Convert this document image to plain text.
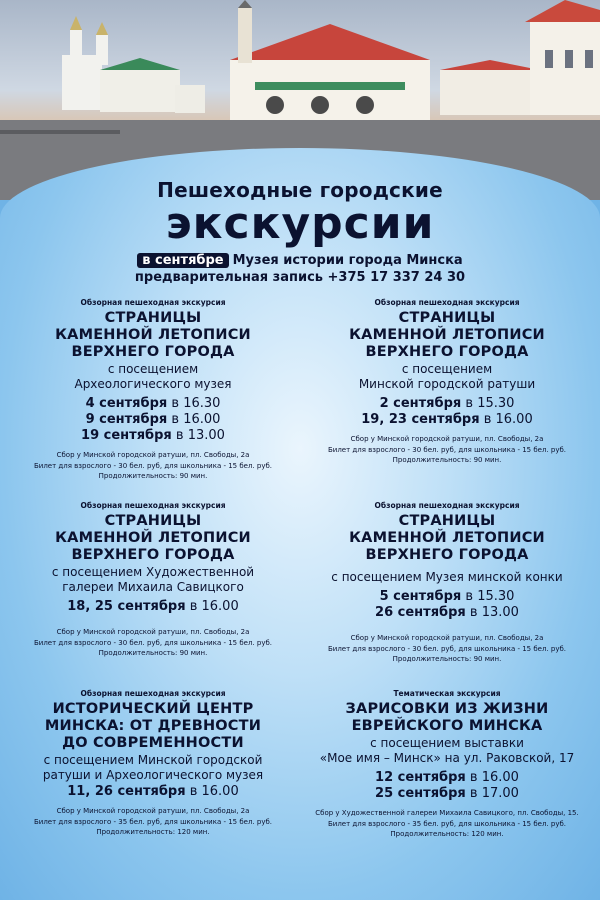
Пешеходные городские
экскурсии
в сентябре Музея истории города Минска
предварительная запись +375 17 337 24 30
Обзорная пешеходная экскурсия
СТРАНИЦЫ
КАМЕННОЙ ЛЕТОПИСИ
ВЕРХНЕГО ГОРОДА
с посещением
Археологического музея
4 сентября в 16.30
9 сентября в 16.00
19 сентября в 13.00
Сбор у Минской городской ратуши, пл. Свободы, 2а
Билет для взрослого - 30 бел. руб, для школьника - 15 бел. руб.
Продолжительность: 90 мин.
Обзорная пешеходная экскурсия
СТРАНИЦЫ
КАМЕННОЙ ЛЕТОПИСИ
ВЕРХНЕГО ГОРОДА
с посещением
Минской городской ратуши
2 сентября в 15.30
19, 23 сентября в 16.00
Сбор у Минской городской ратуши, пл. Свободы, 2а
Билет для взрослого - 30 бел. руб, для школьника - 15 бел. руб.
Продолжительность: 90 мин.
Обзорная пешеходная экскурсия
СТРАНИЦЫ
КАМЕННОЙ ЛЕТОПИСИ
ВЕРХНЕГО ГОРОДА
с посещением Художественной
галереи Михаила Савицкого
18, 25 сентября в 16.00
Сбор у Минской городской ратуши, пл. Свободы, 2а
Билет для взрослого - 30 бел. руб, для школьника - 15 бел. руб.
Продолжительность: 90 мин.
Обзорная пешеходная экскурсия
СТРАНИЦЫ
КАМЕННОЙ ЛЕТОПИСИ
ВЕРХНЕГО ГОРОДА
с посещением Музея минской конки
5 сентября в 15.30
26 сентября в 13.00
Сбор у Минской городской ратуши, пл. Свободы, 2а
Билет для взрослого - 30 бел. руб, для школьника - 15 бел. руб.
Продолжительность: 90 мин.
Обзорная пешеходная экскурсия
ИСТОРИЧЕСКИЙ ЦЕНТР
МИНСКА: ОТ ДРЕВНОСТИ
ДО СОВРЕМЕННОСТИ
с посещением Минской городской
ратуши и Археологического музея
11, 26 сентября в 16.00
Сбор у Минской городской ратуши, пл. Свободы, 2а
Билет для взрослого - 35 бел. руб, для школьника - 15 бел. руб.
Продолжительность: 120 мин.
Тематическая экскурсия
ЗАРИСОВКИ ИЗ ЖИЗНИ
ЕВРЕЙСКОГО МИНСКА
с посещением выставки
«Мое имя – Минск» на ул. Раковской, 17
12 сентября в 16.00
25 сентября в 17.00
Сбор у Художественной галереи Михаила Савицкого, пл. Свободы, 15.
Билет для взрослого - 35 бел. руб, для школьника - 15 бел. руб.
Продолжительность: 120 мин.
